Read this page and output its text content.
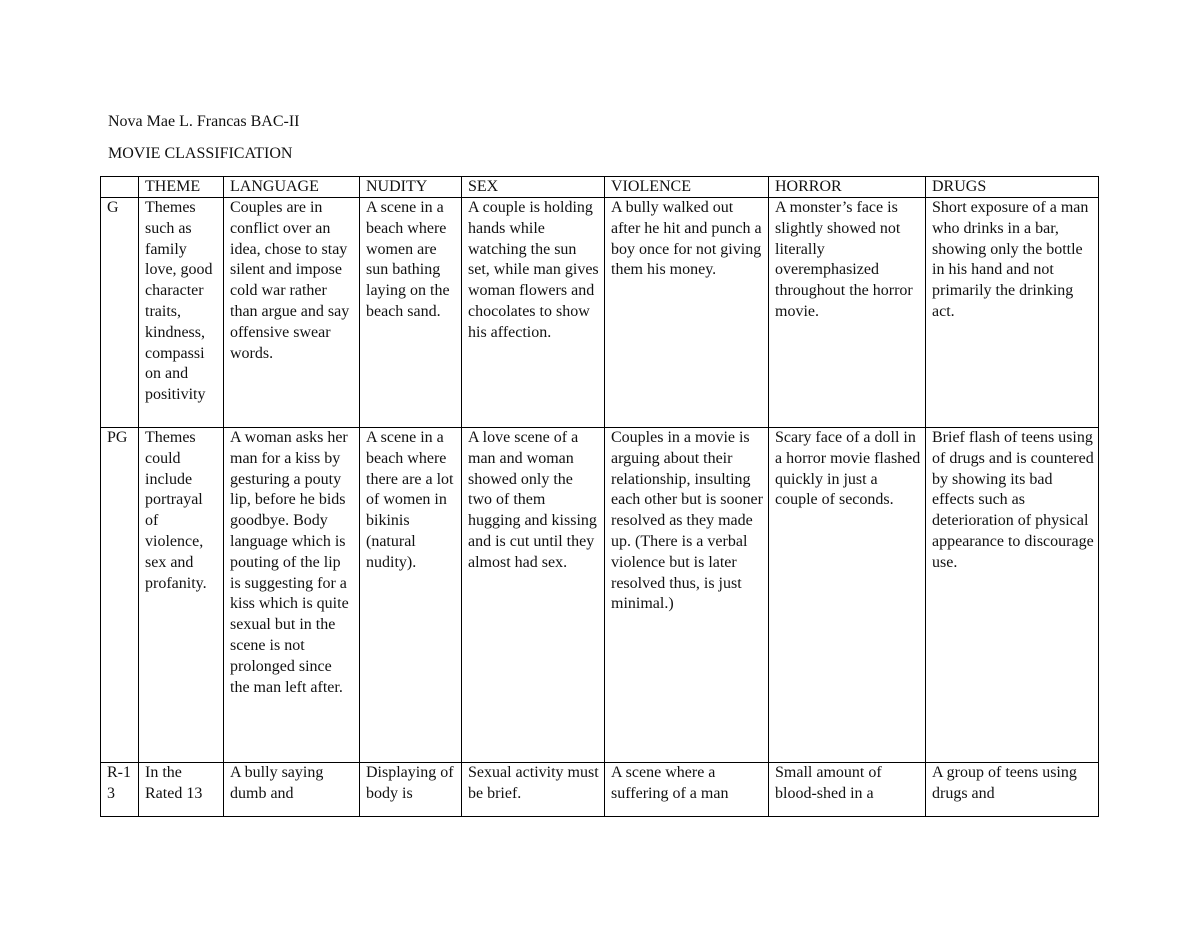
Nova Mae L. Francas BAC-II
MOVIE CLASSIFICATION
	THEME	LANGUAGE	NUDITY	SEX	VIOLENCE	HORROR	DRUGS

G	Themes such as family love, good character traits, kindness, compassi on and positivity	Couples are in conflict over an idea, chose to stay silent and impose cold war rather than argue and say offensive swear words.	A scene in a beach where women are sun bathing laying on the beach sand.	A couple is holding hands while watching the sun set, while man gives woman flowers and chocolates to show his affection.	A bully walked out after he hit and punch a boy once for not giving them his money.	A monster’s face is slightly showed not literally overemphasized throughout the horror movie.	Short exposure of a man who drinks in a bar, showing only the bottle in his hand and not primarily the drinking act.

PG	Themes could include portrayal of violence, sex and profanity.	A woman asks her man for a kiss by gesturing a pouty lip, before he bids goodbye. Body language which is pouting of the lip is suggesting for a kiss which is quite sexual but in the scene is not prolonged since the man left after.	A scene in a beach where there are a lot of women in bikinis (natural nudity).	A love scene of a man and woman showed only the two of them hugging and kissing and is cut until they almost had sex.	Couples in a movie is arguing about their relationship, insulting each other but is sooner resolved as they made up. (There is a verbal violence but is later resolved thus, is just minimal.)	Scary face of a doll in a horror movie flashed quickly in just a couple of seconds.	Brief flash of teens using of drugs and is countered by showing its bad effects such as deterioration of physical appearance to discourage use.

R-13	In the Rated 13	A bully saying dumb and	Displaying of body is	Sexual activity must be brief.	A scene where a suffering of a man	Small amount of blood-shed in a	A group of teens using drugs and
